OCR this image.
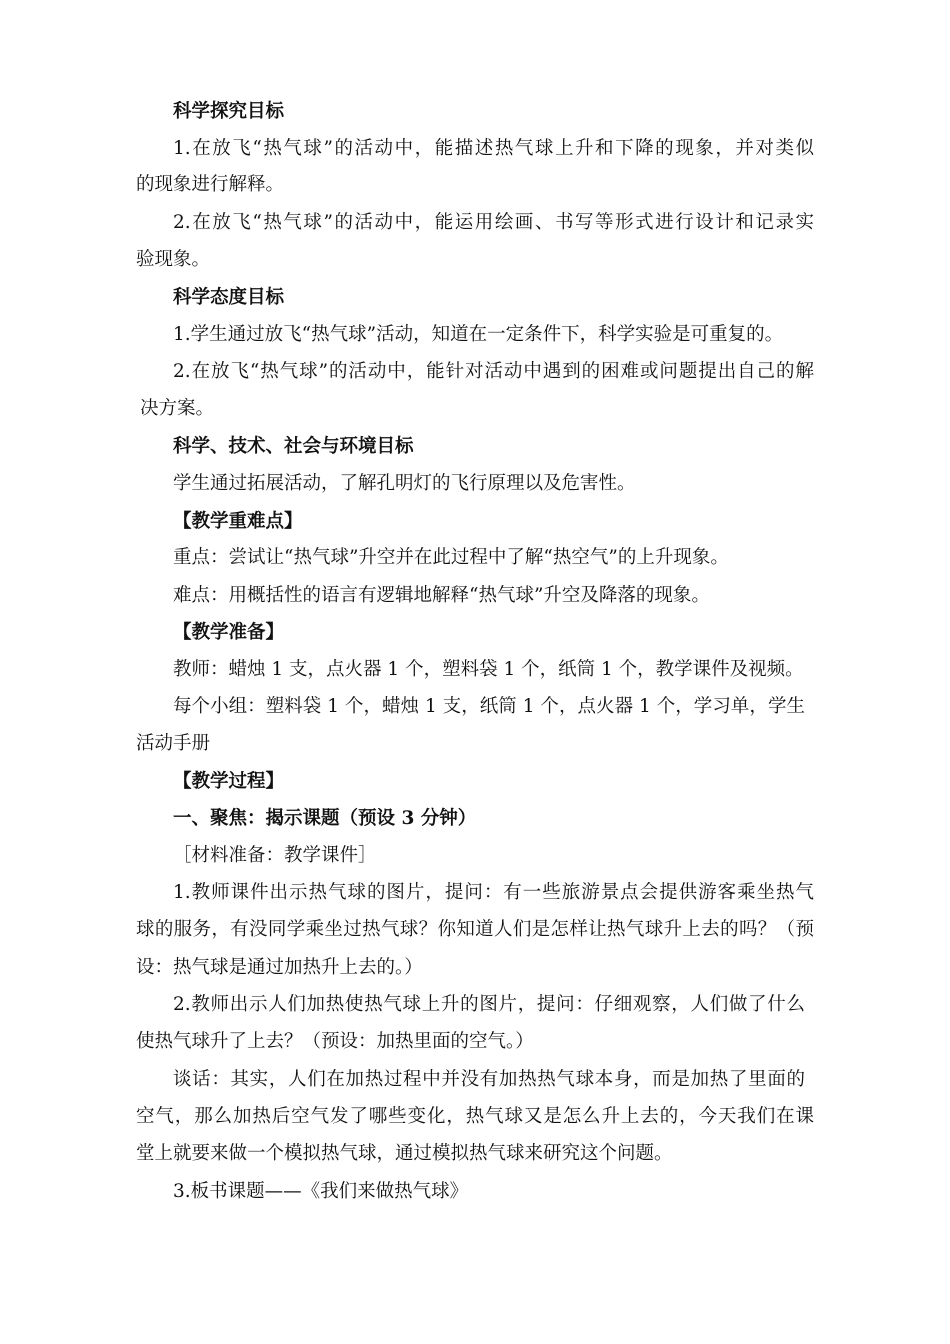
科学探究目标
1.在放飞“热气球”的活动中，能描述热气球上升和下降的现象，并对类似
的现象进行解释。
2.在放飞“热气球”的活动中，能运用绘画、书写等形式进行设计和记录实
验现象。
科学态度目标
1.学生通过放飞“热气球”活动，知道在一定条件下，科学实验是可重复的。
2.在放飞“热气球”的活动中，能针对活动中遇到的困难或问题提出自己的解
决方案。
科学、技术、社会与环境目标
学生通过拓展活动，了解孔明灯的飞行原理以及危害性。
【教学重难点】
重点：尝试让“热气球”升空并在此过程中了解“热空气”的上升现象。
难点：用概括性的语言有逻辑地解释“热气球”升空及降落的现象。
【教学准备】
教师：蜡烛 1 支，点火器 1 个，塑料袋 1 个，纸筒 1 个，教学课件及视频。
每个小组：塑料袋 1 个，蜡烛 1 支，纸筒 1 个，点火器 1 个，学习单，学生
活动手册
【教学过程】
一、聚焦：揭示课题（预设 3 分钟）
［材料准备：教学课件］
1.教师课件出示热气球的图片，提问：有一些旅游景点会提供游客乘坐热气
球的服务，有没同学乘坐过热气球？你知道人们是怎样让热气球升上去的吗？（预
设：热气球是通过加热升上去的。）
2.教师出示人们加热使热气球上升的图片，提问：仔细观察，人们做了什么
使热气球升了上去？（预设：加热里面的空气。）
谈话：其实，人们在加热过程中并没有加热热气球本身，而是加热了里面的
空气，那么加热后空气发了哪些变化，热气球又是怎么升上去的，今天我们在课
堂上就要来做一个模拟热气球，通过模拟热气球来研究这个问题。
3.板书课题——《我们来做热气球》
